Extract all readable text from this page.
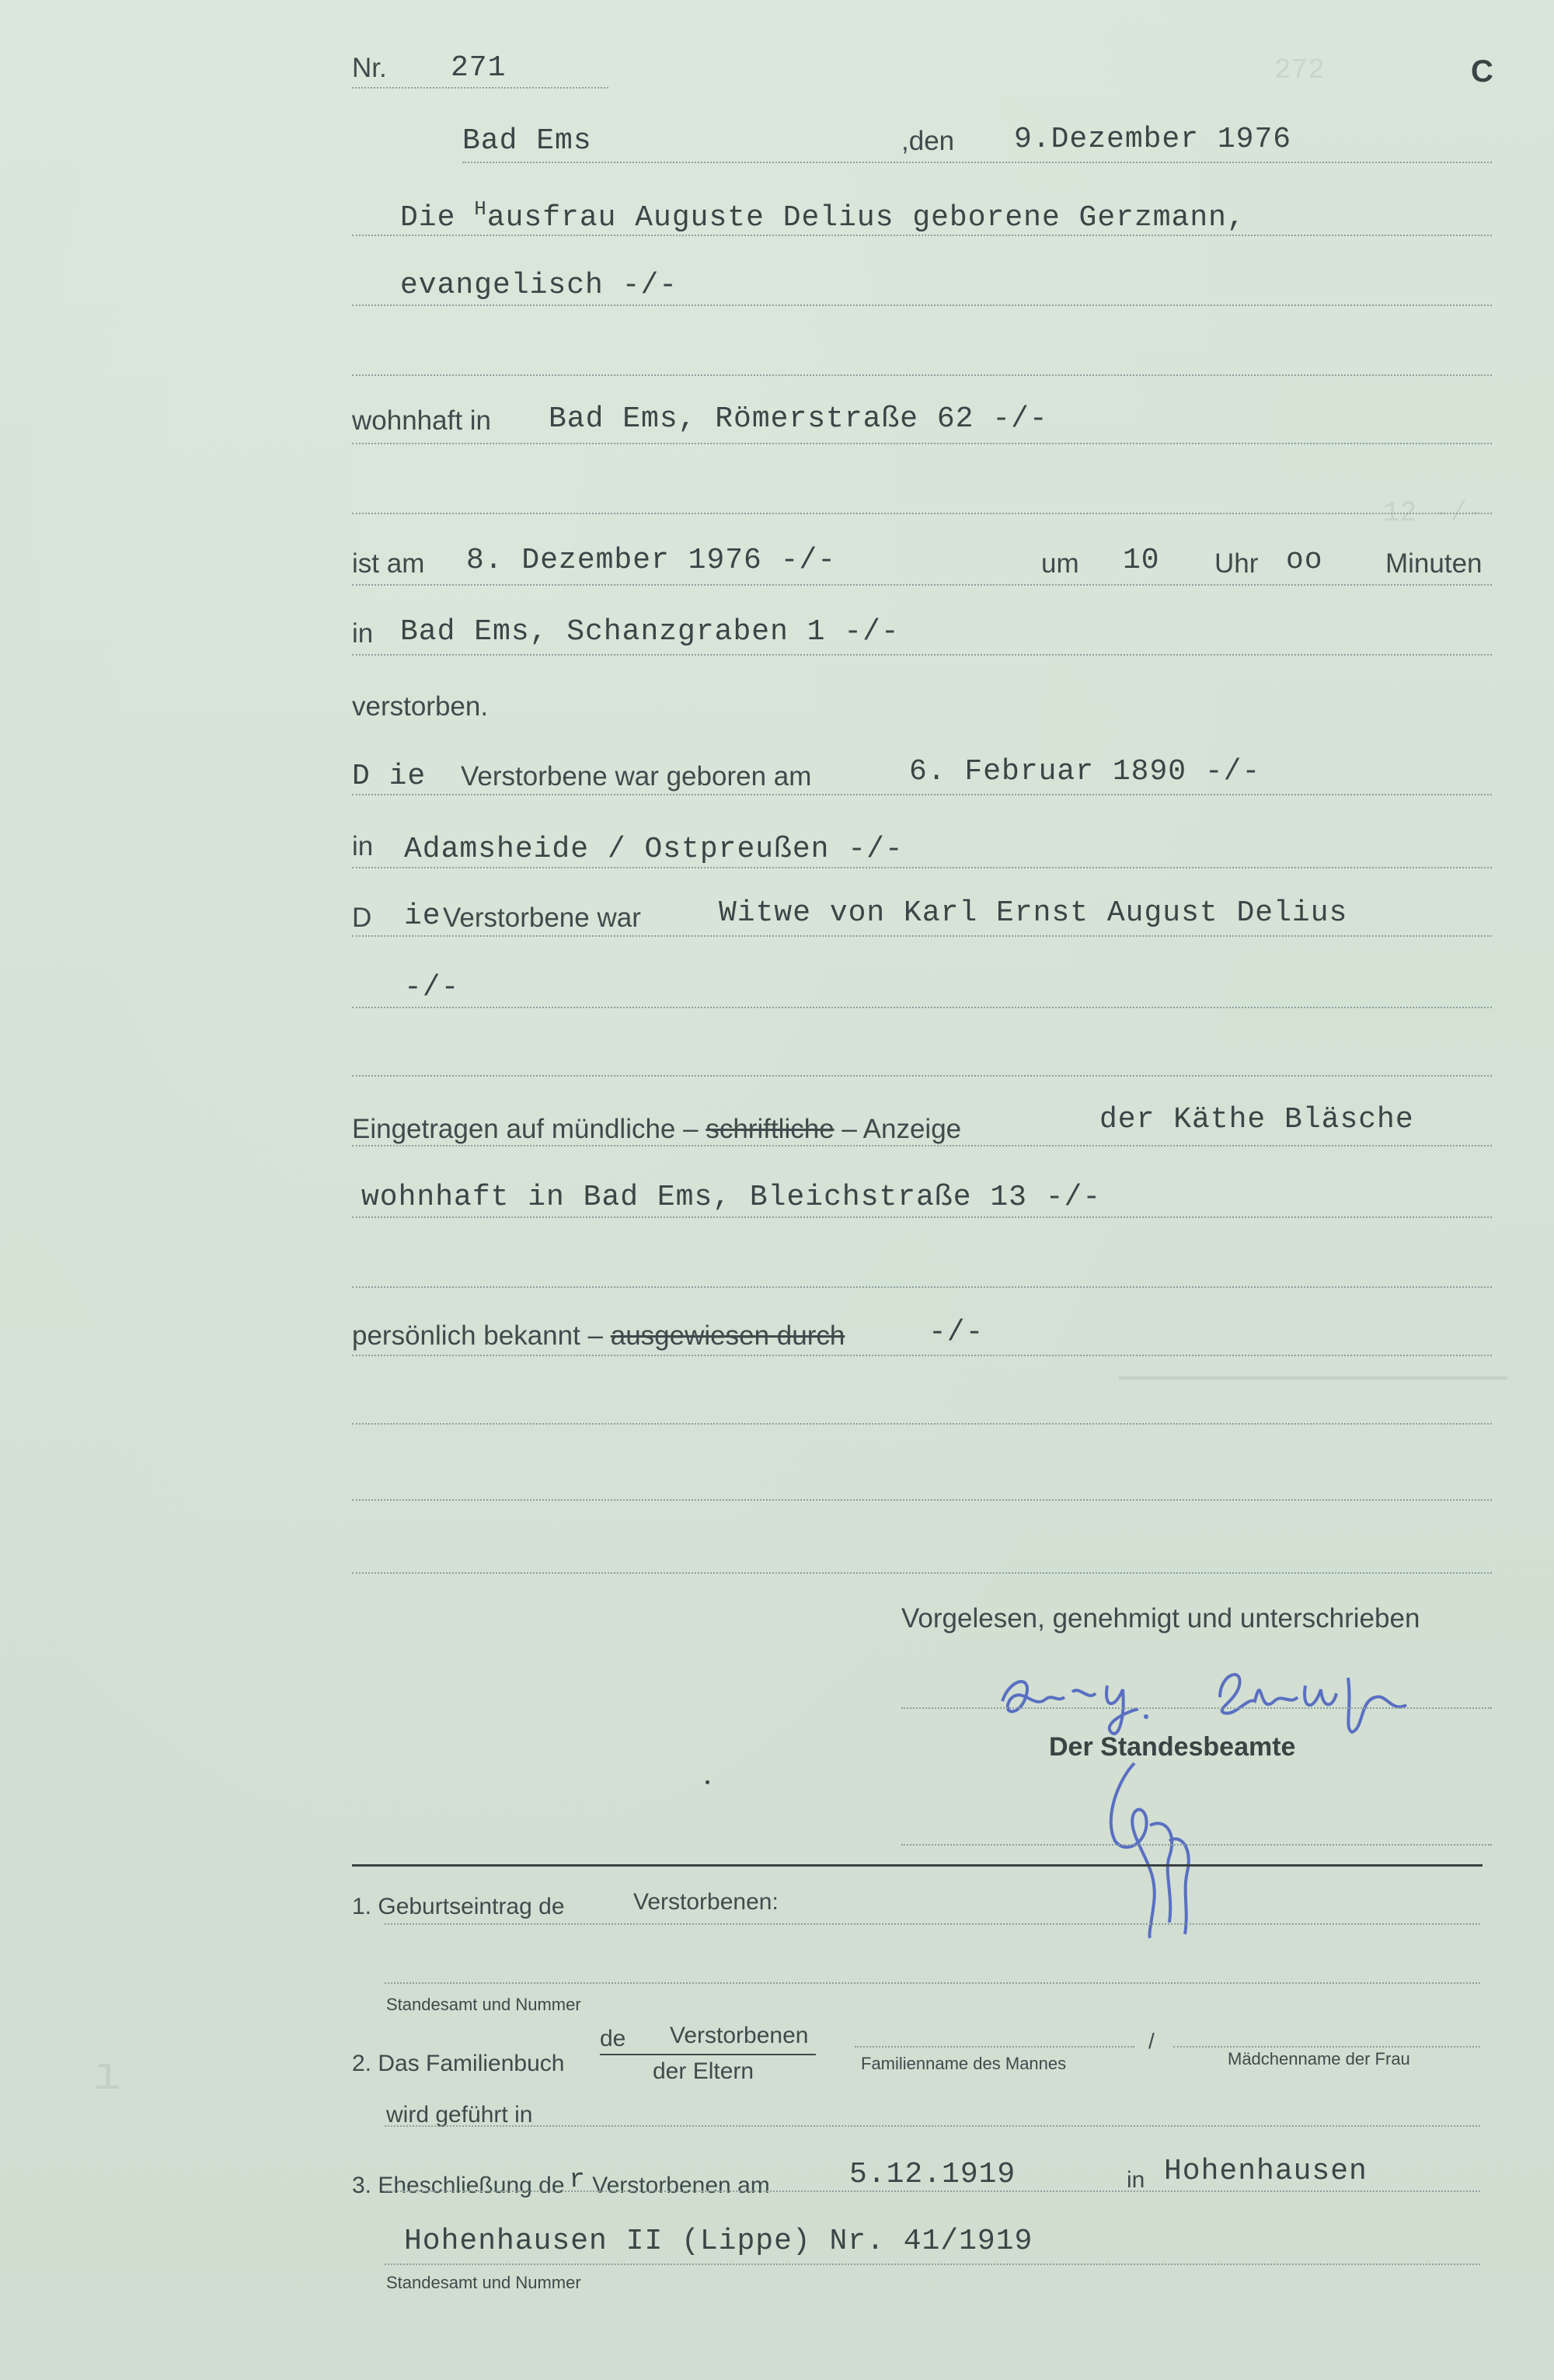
272
12 -/-
ı
Nr. 271	C
Bad Ems	,den 9.Dezember 1976
Die $^H$ausfrau Auguste Delius geborene Gerzmann,
evangelisch -/-
wohnhaft in Bad Ems, Römerstraße 62 -/-
ist am 8. Dezember 1976 -/-	um 10 Uhr oo Minuten
in Bad Ems, Schanzgraben 1 -/-
verstorben.
D ie Verstorbene war geboren am	6. Februar 1890 -/-
in Adamsheide / Ostpreußen -/-
D ie Verstorbene war	Witwe von Karl Ernst August Delius
-/-
Eingetragen auf mündliche – schriftliche – Anzeige	der Käthe Bläsche
wohnhaft in Bad Ems, Bleichstraße 13 -/-
persönlich bekannt – ausgewiesen durch	-/-
Vorgelesen, genehmigt und unterschrieben
Der Standesbeamte
1. Geburtseintrag de	Verstorbenen:
Standesamt und Nummer
2. Das Familienbuch
de Verstorbenen
der Eltern	Familienname des Mannes
/
Mädchenname der Frau
wird geführt in
3. Eheschließung de r Verstorbenen am	5.12.1919	in Hohenhausen
Hohenhausen II (Lippe) Nr. 41/1919
Standesamt und Nummer
